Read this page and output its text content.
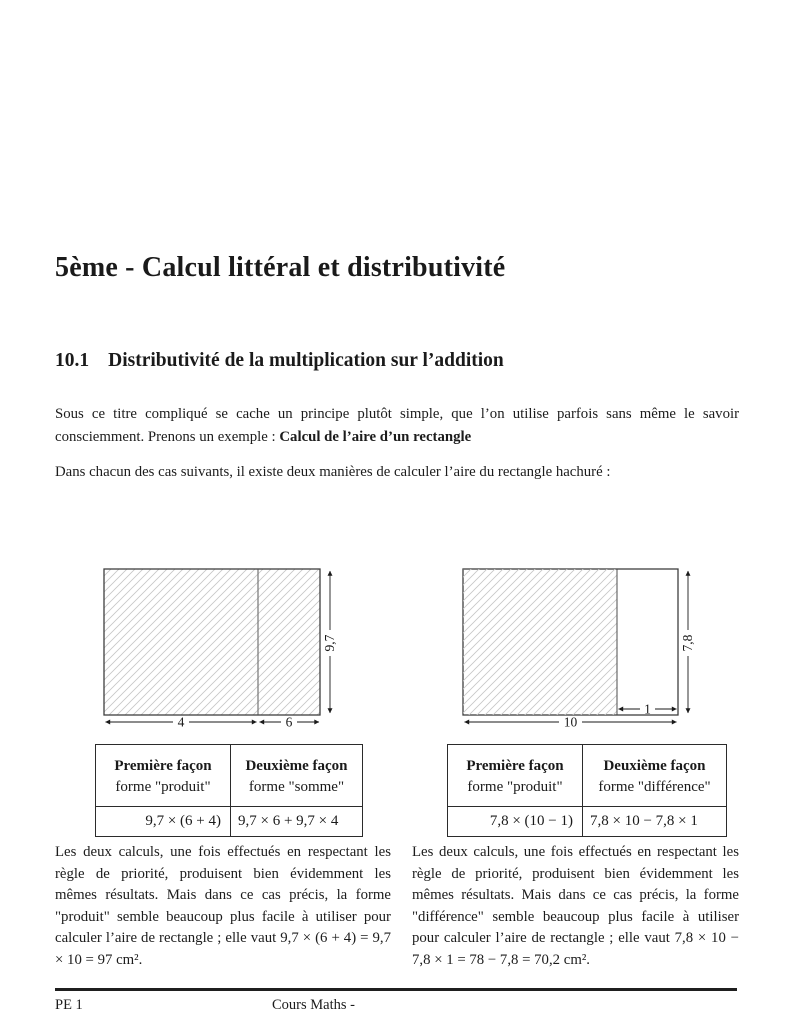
5ème - Calcul littéral et distributivité
10.1 Distributivité de la multiplication sur l’addition
Sous ce titre compliqué se cache un principe plutôt simple, que l’on utilise parfois sans même le savoir consciemment. Prenons un exemple : Calcul de l’aire d’un rectangle
Dans chacun des cas suivants, il existe deux manières de calculer l’aire du rectangle hachuré :
9,7
4	6
1
10
7,8
Première façon	Deuxième façon
forme "produit"	forme "somme"
9,7 × (6 + 4)	9,7 × 6 + 9,7 × 4
Première façon	Deuxième façon
forme "produit"	forme "différence"
7,8 × (10 − 1)	7,8 × 10 − 7,8 × 1
Les deux calculs, une fois effectués en respectant les règle de priorité, produisent bien évidemment les mêmes résultats. Mais dans ce cas précis, la forme "produit" semble beaucoup plus facile à utiliser pour calculer l’aire de rectangle ; elle vaut 9,7 × (6 + 4) = 9,7 × 10 = 97 cm².
Les deux calculs, une fois effectués en respectant les règle de priorité, produisent bien évidemment les mêmes résultats. Mais dans ce cas précis, la forme "différence" semble beaucoup plus facile à utiliser pour calculer l’aire de rectangle ; elle vaut 7,8 × 10 − 7,8 × 1 = 78 − 7,8 = 70,2 cm².
PE 1	Cours Maths -
